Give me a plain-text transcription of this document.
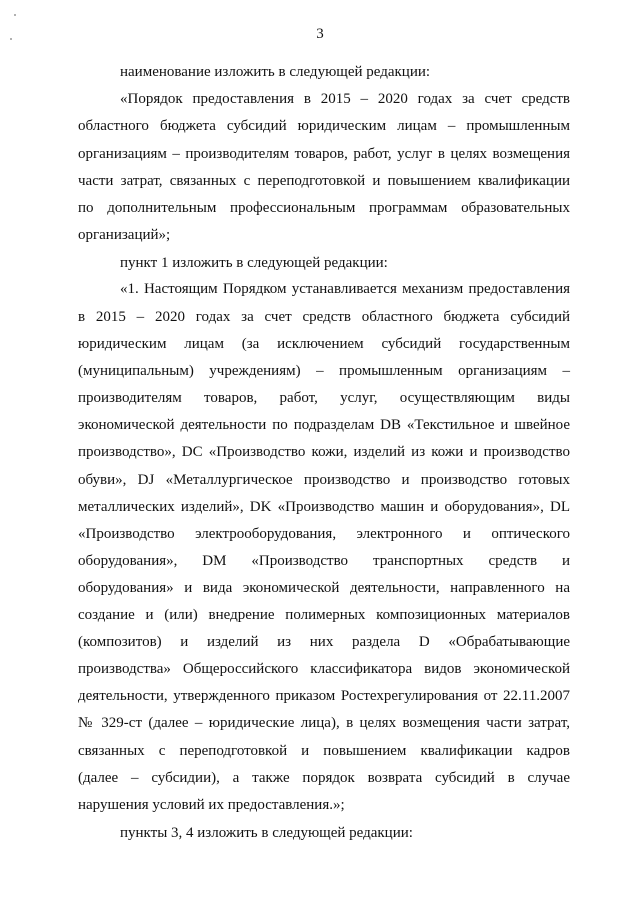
3
наименование изложить в следующей редакции:
«Порядок предоставления в 2015 – 2020 годах за счет средств
областного бюджета субсидий юридическим лицам – промышленным
организациям – производителям товаров, работ, услуг в целях возмещения
части затрат, связанных с переподготовкой и повышением квалификации
по дополнительным профессиональным программам образовательных
организаций»;
пункт 1 изложить в следующей редакции:
«1. Настоящим Порядком устанавливается механизм предоставления
в 2015 – 2020 годах за счет средств областного бюджета субсидий
юридическим лицам (за исключением субсидий государственным
(муниципальным) учреждениям) – промышленным организациям –
производителям товаров, работ, услуг, осуществляющим виды
экономической деятельности по подразделам DB «Текстильное и швейное
производство», DC «Производство кожи, изделий из кожи и производство
обуви», DJ «Металлургическое производство и производство готовых
металлических изделий», DK «Производство машин и оборудования», DL
«Производство электрооборудования, электронного и оптического
оборудования», DM «Производство транспортных средств и
оборудования» и вида экономической деятельности, направленного на
создание и (или) внедрение полимерных композиционных материалов
(композитов) и изделий из них раздела D «Обрабатывающие
производства» Общероссийского классификатора видов экономической
деятельности, утвержденного приказом Ростехрегулирования от 22.11.2007
№ 329-ст (далее – юридические лица), в целях возмещения части затрат,
связанных с переподготовкой и повышением квалификации кадров
(далее – субсидии), а также порядок возврата субсидий в случае
нарушения условий их предоставления.»;
пункты 3, 4 изложить в следующей редакции:
